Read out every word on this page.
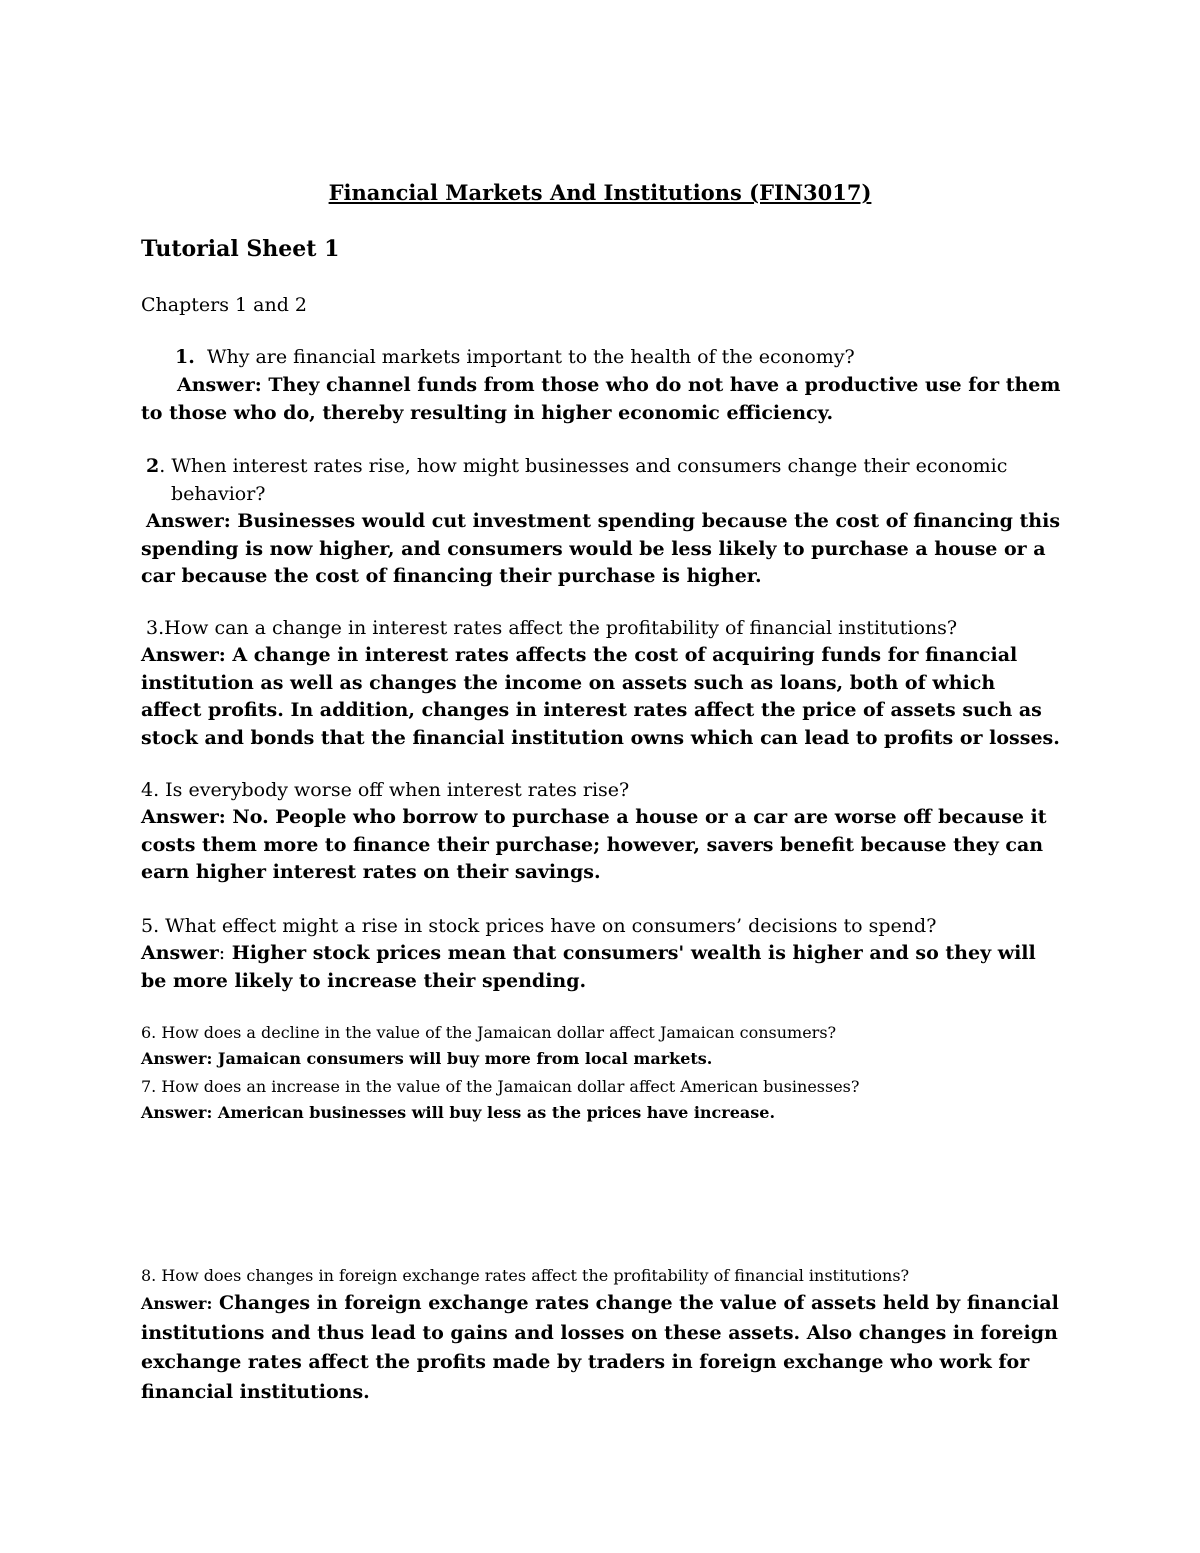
Financial Markets And Institutions (FIN3017)

Tutorial Sheet 1

Chapters 1 and 2

1. Why are financial markets important to the health of the economy?

Answer: They channel funds from those who do not have a productive use for them to those who do, thereby resulting in higher economic efficiency.

2. When interest rates rise, how might businesses and consumers change their economic

behavior?

Answer: Businesses would cut investment spending because the cost of financing this spending is now higher, and consumers would be less likely to purchase a house or a car because the cost of financing their purchase is higher.

3.How can a change in interest rates affect the profitability of financial institutions?

Answer: A change in interest rates affects the cost of acquiring funds for financial institution as well as changes the income on assets such as loans, both of which affect profits. In addition, changes in interest rates affect the price of assets such as stock and bonds that the financial institution owns which can lead to profits or losses.

4. Is everybody worse off when interest rates rise?

Answer: No. People who borrow to purchase a house or a car are worse off because it costs them more to finance their purchase; however, savers benefit because they can earn higher interest rates on their savings.

5. What effect might a rise in stock prices have on consumers’ decisions to spend?

Answer: Higher stock prices mean that consumers' wealth is higher and so they will be more likely to increase their spending.

6. How does a decline in the value of the Jamaican dollar affect Jamaican consumers?

Answer: Jamaican consumers will buy more from local markets.

7. How does an increase in the value of the Jamaican dollar affect American businesses?

Answer: American businesses will buy less as the prices have increase.

8. How does changes in foreign exchange rates affect the profitability of financial institutions?

Answer: Changes in foreign exchange rates change the value of assets held by financial institutions and thus lead to gains and losses on these assets. Also changes in foreign exchange rates affect the profits made by traders in foreign exchange who work for financial institutions.
